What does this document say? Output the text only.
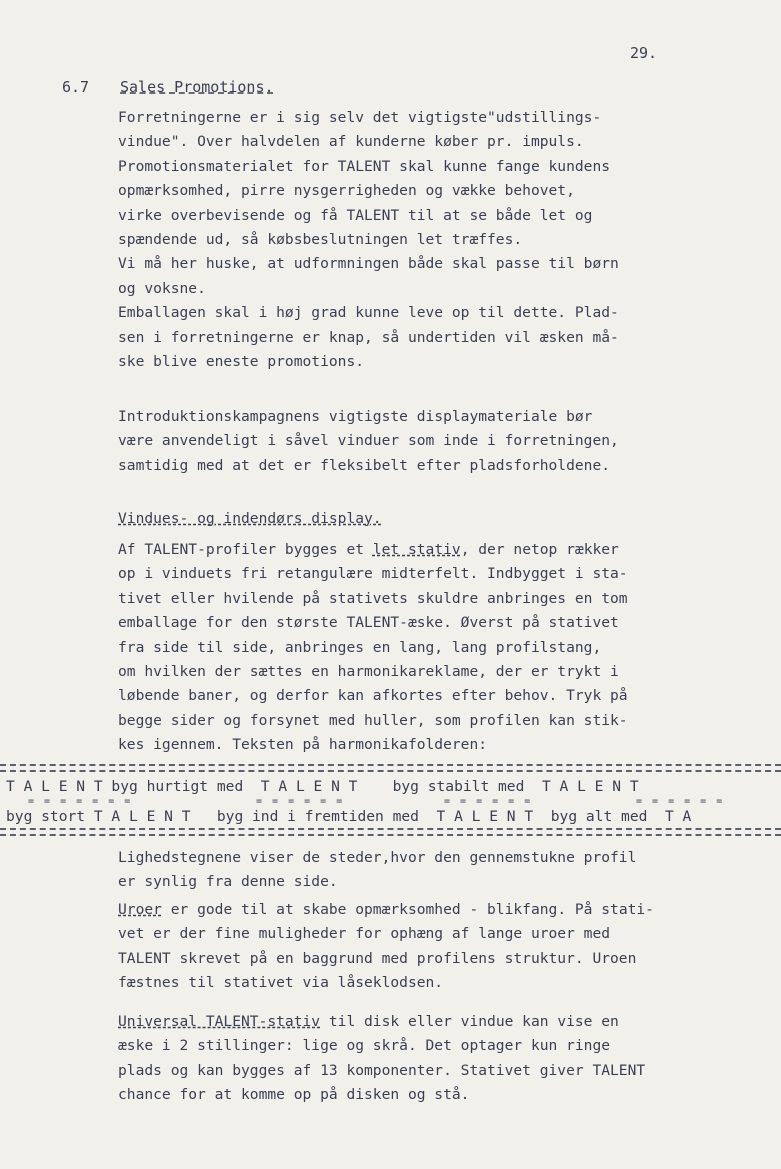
29.
6.7 Sales Promotions.
Forretningerne er i sig selv det vigtigste"udstillings-
vindue". Over halvdelen af kunderne køber pr. impuls.
Promotionsmaterialet for TALENT skal kunne fange kundens
opmærksomhed, pirre nysgerrigheden og vække behovet,
virke overbevisende og få TALENT til at se både let og
spændende ud, så købsbeslutningen let træffes.
Vi må her huske, at udformningen både skal passe til børn
og voksne.
Emballagen skal i høj grad kunne leve op til dette. Plad-
sen i forretningerne er knap, så undertiden vil æsken må-
ske blive eneste promotions.
Introduktionskampagnens vigtigste displaymateriale bør
være anvendeligt i såvel vinduer som inde i forretningen,
samtidig med at det er fleksibelt efter pladsforholdene.
Vindues- og indendørs display.
Af TALENT-profiler bygges et let stativ, der netop rækker
op i vinduets fri retangulære midterfelt. Indbygget i sta-
tivet eller hvilende på stativets skuldre anbringes en tom
emballage for den største TALENT-æske. Øverst på stativet
fra side til side, anbringes en lang, lang profilstang,
om hvilken der sættes en harmonikareklame, der er trykt i
løbende baner, og derfor kan afkortes efter behov. Tryk på
begge sider og forsynet med huller, som profilen kan stik-
kes igennem. Teksten på harmonikafolderen:
T A L E N T byg hurtigt med  T A L E N T    byg stabilt med  T A L E N T
= = = = = = =	= = = = = =	= = = = = =	= = = = = =
byg stort T A L E N T   byg ind i fremtiden med  T A L E N T  byg alt med  T A
Lighedstegnene viser de steder,hvor den gennemstukne profil
er synlig fra denne side.
Uroer er gode til at skabe opmærksomhed - blikfang. På stati-
vet er der fine muligheder for ophæng af lange uroer med
TALENT skrevet på en baggrund med profilens struktur. Uroen
fæstnes til stativet via låseklodsen.
Universal TALENT-stativ til disk eller vindue kan vise en
æske i 2 stillinger: lige og skrå. Det optager kun ringe
plads og kan bygges af 13 komponenter. Stativet giver TALENT
chance for at komme op på disken og stå.
